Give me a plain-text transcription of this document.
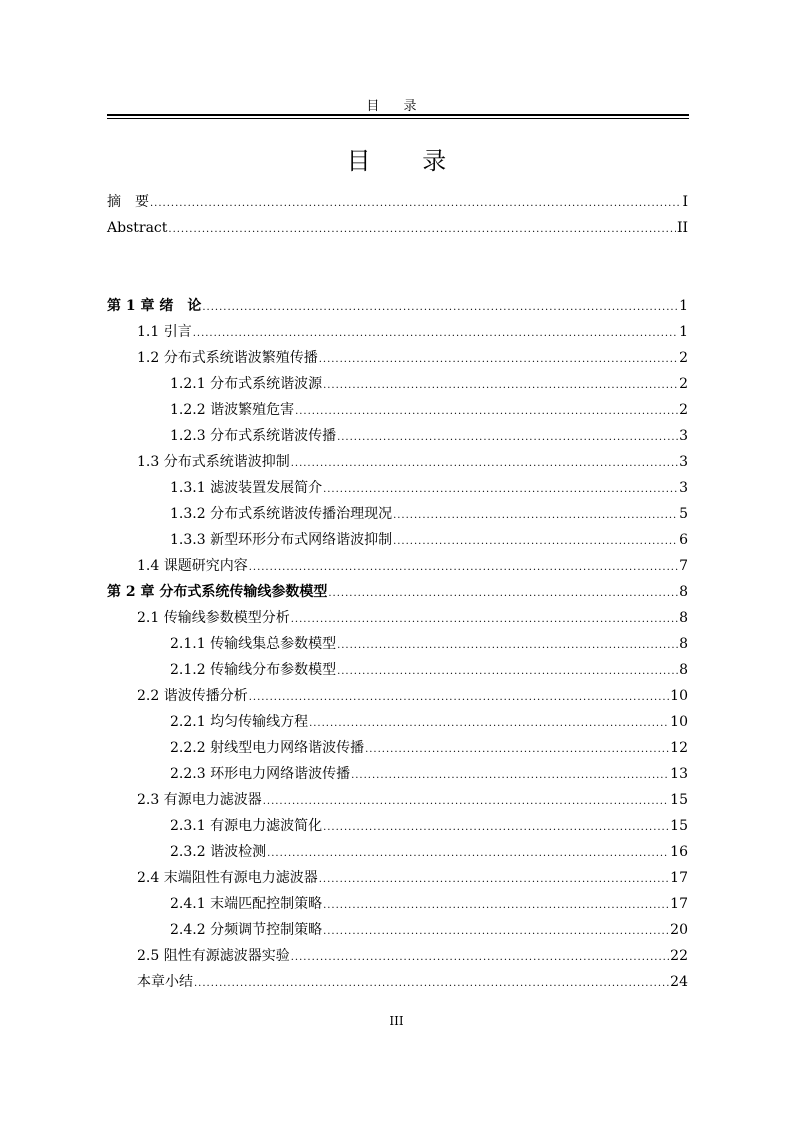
目 录
目 录
摘　要 .....	I
Abstract .....	II
第 1 章 绪　论 .....	1
1.1 引言 .....	1
1.2 分布式系统谐波繁殖传播 .....	2
1.2.1 分布式系统谐波源 .....	2
1.2.2 谐波繁殖危害 .....	2
1.2.3 分布式系统谐波传播 .....	3
1.3 分布式系统谐波抑制 .....	3
1.3.1 滤波装置发展简介 .....	3
1.3.2 分布式系统谐波传播治理现况 .....	5
1.3.3 新型环形分布式网络谐波抑制 .....	6
1.4 课题研究内容 .....	7
第 2 章 分布式系统传输线参数模型 .....	8
2.1 传输线参数模型分析 .....	8
2.1.1 传输线集总参数模型 .....	8
2.1.2 传输线分布参数模型 .....	8
2.2 谐波传播分析 .....	10
2.2.1 均匀传输线方程 .....	10
2.2.2 射线型电力网络谐波传播 .....	12
2.2.3 环形电力网络谐波传播 .....	13
2.3 有源电力滤波器 .....	15
2.3.1 有源电力滤波简化 .....	15
2.3.2 谐波检测 .....	16
2.4 末端阻性有源电力滤波器 .....	17
2.4.1 末端匹配控制策略 .....	17
2.4.2 分频调节控制策略 .....	20
2.5 阻性有源滤波器实验 .....	22
本章小结 .....	24
III
